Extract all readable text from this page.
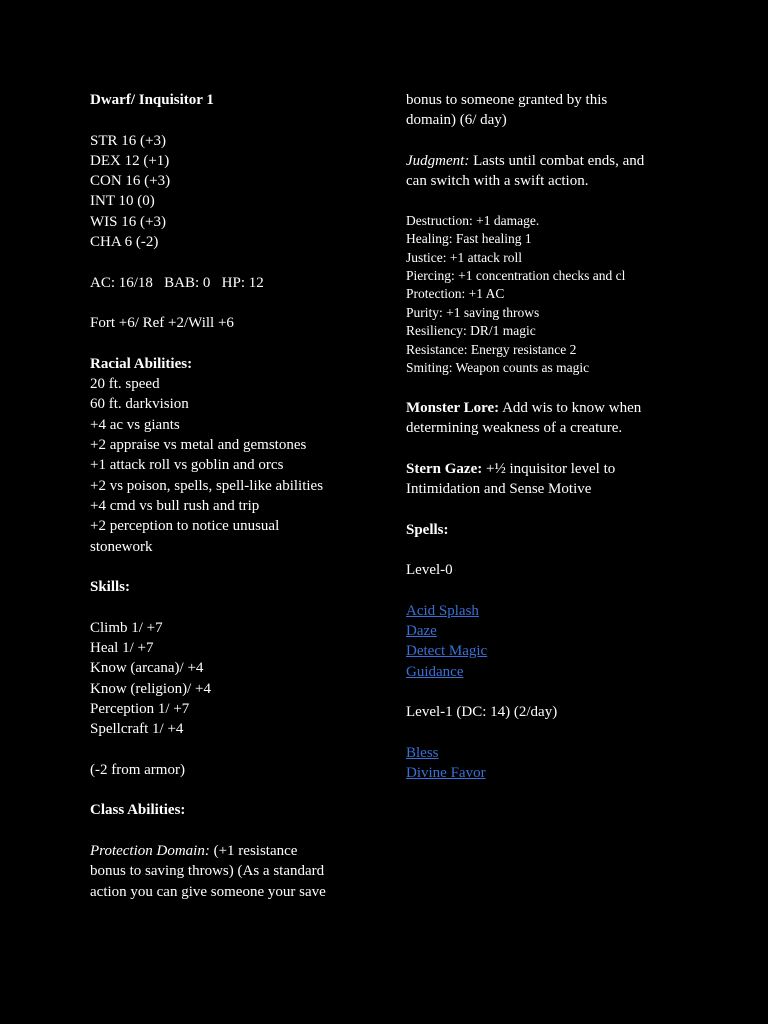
Dwarf/ Inquisitor 1
STR 16 (+3)
DEX 12 (+1)
CON 16 (+3)
INT 10 (0)
WIS 16 (+3)
CHA 6 (-2)
AC: 16/18   BAB: 0   HP: 12
Fort +6/ Ref +2/Will +6
Racial Abilities:
20 ft. speed
60 ft. darkvision
+4 ac vs giants
+2 appraise vs metal and gemstones
+1 attack roll vs goblin and orcs
+2 vs poison, spells, spell-like abilities
+4 cmd vs bull rush and trip
+2 perception to notice unusual
stonework
Skills:
Climb 1/ +7
Heal 1/ +7
Know (arcana)/ +4
Know (religion)/ +4
Perception 1/ +7
Spellcraft 1/ +4
(-2 from armor)
Class Abilities:
Protection Domain: (+1 resistance
bonus to saving throws) (As a standard
action you can give someone your save
bonus to someone granted by this
domain) (6/ day)
Judgment: Lasts until combat ends, and
can switch with a swift action.
Destruction: +1 damage.
Healing: Fast healing 1
Justice: +1 attack roll
Piercing: +1 concentration checks and cl
Protection: +1 AC
Purity: +1 saving throws
Resiliency: DR/1 magic
Resistance: Energy resistance 2
Smiting: Weapon counts as magic
Monster Lore: Add wis to know when
determining weakness of a creature.
Stern Gaze: +½ inquisitor level to
Intimidation and Sense Motive
Spells:
Level-0
Acid Splash
Daze
Detect Magic
Guidance
Level-1 (DC: 14) (2/day)
Bless
Divine Favor
